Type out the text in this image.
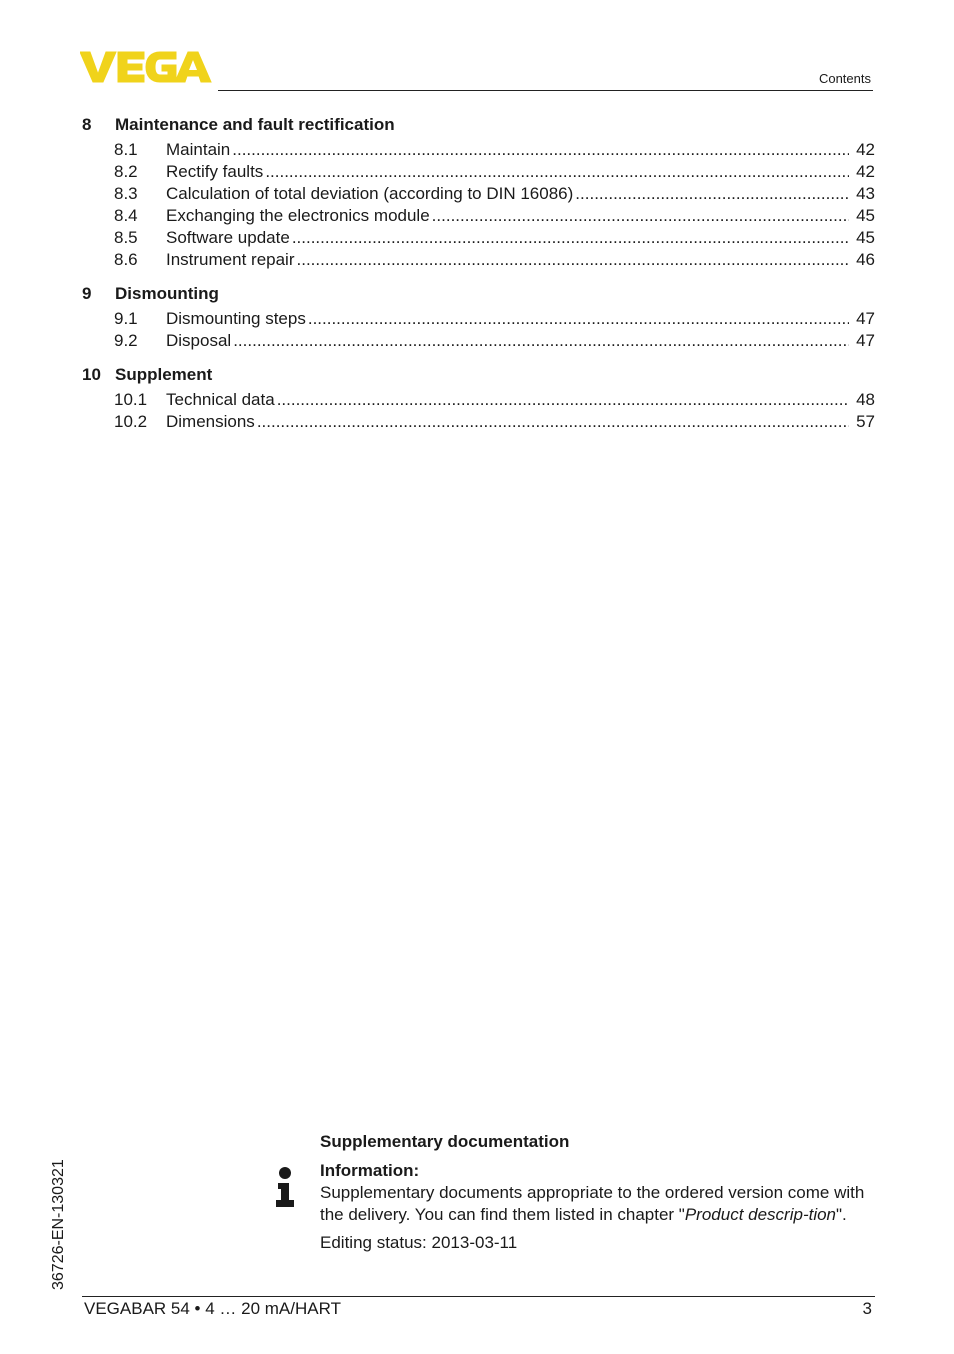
Contents
8	Maintenance and fault rectification
8.1	Maintain .....	42
8.2	Rectify faults .....	42
8.3	Calculation of total deviation (according to DIN 16086) .....	43
8.4	Exchanging the electronics module .....	45
8.5	Software update .....	45
8.6	Instrument repair .....	46
9	Dismounting
9.1	Dismounting steps .....	47
9.2	Disposal .....	47
10 Supplement
10.1	Technical data .....	48
10.2	Dimensions .....	57
Supplementary documentation
Information:
Supplementary documents appropriate to the ordered version come with the delivery. You can find them listed in chapter "Product descrip-tion".
Editing status: 2013-03-11
36726-EN-130321
VEGABAR 54 • 4 … 20 mA/HART	3
